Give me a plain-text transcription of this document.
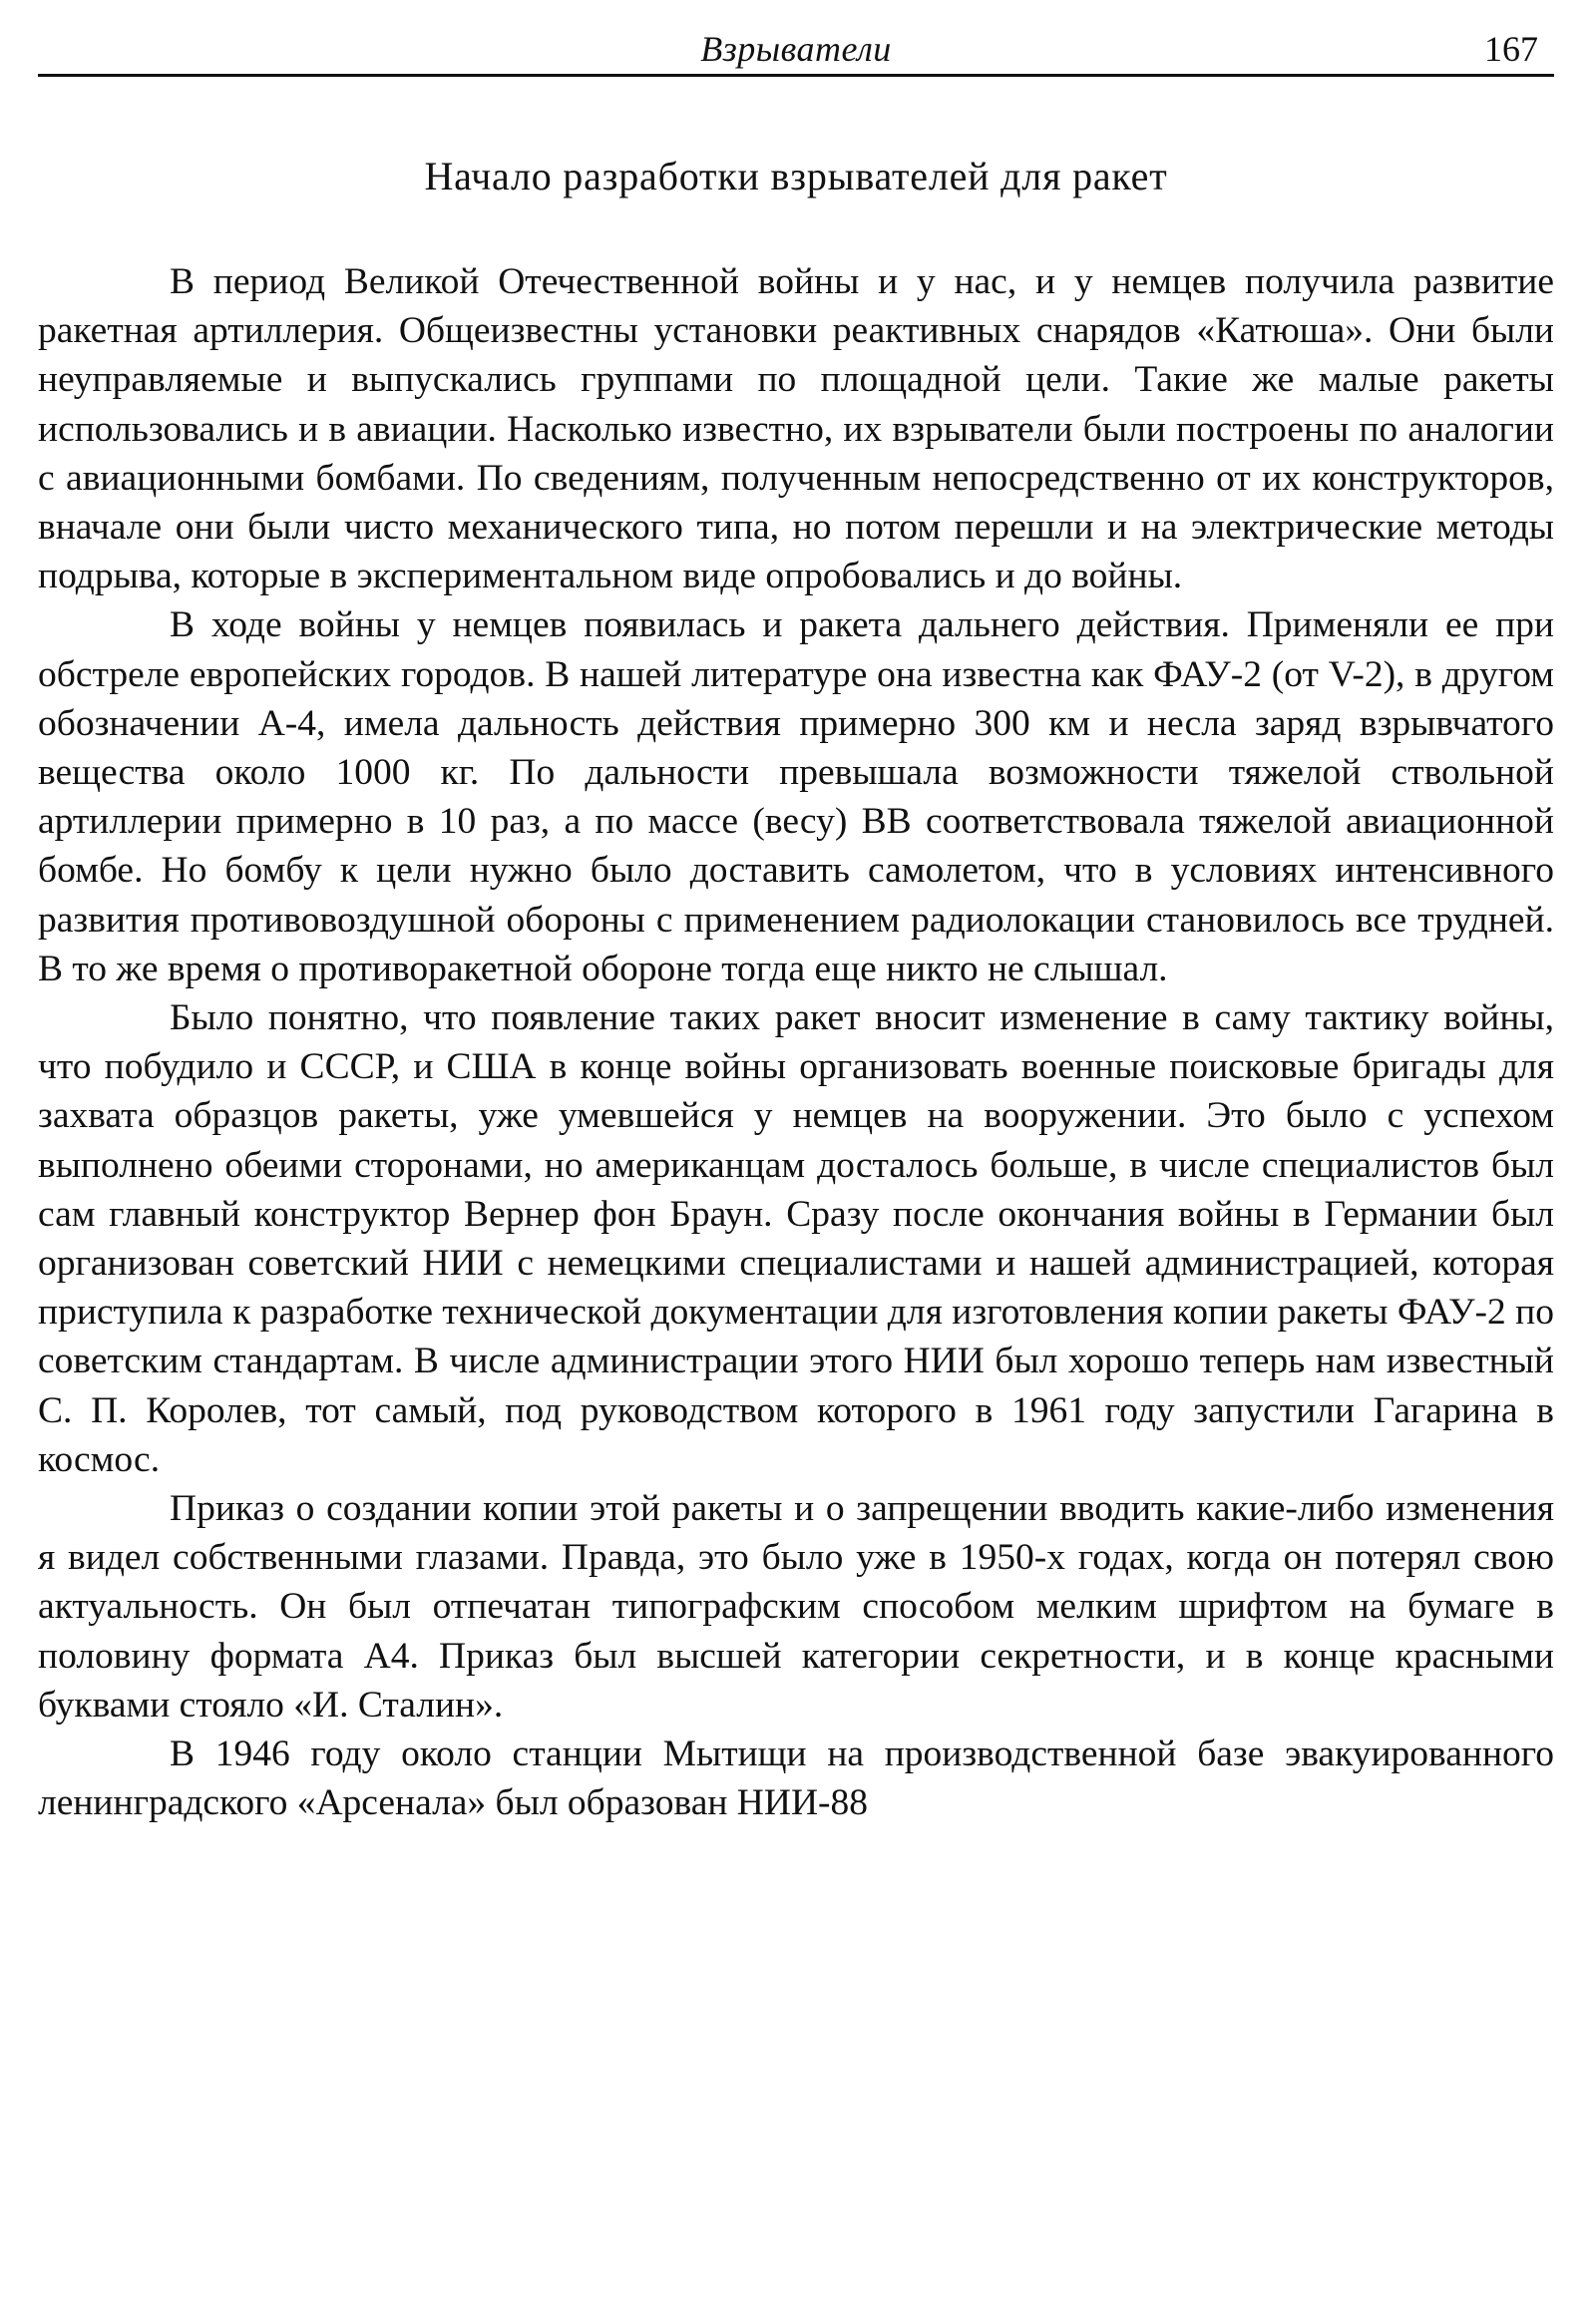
Взрыватели	167
Начало разработки взрывателей для ракет

В период Великой Отечественной войны и у нас, и у немцев получила развитие ракетная артиллерия. Общеизвестны установки реактивных снарядов «Катюша». Они были неуправляемые и выпускались группами по площадной цели. Такие же малые ракеты использовались и в авиации. Насколько известно, их взрыватели были построены по аналогии с авиационными бомбами. По сведениям, полученным непосредственно от их конструкторов, вначале они были чисто механического типа, но потом перешли и на электрические методы подрыва, которые в экспериментальном виде опробовались и до войны.

В ходе войны у немцев появилась и ракета дальнего действия. Применяли ее при обстреле европейских городов. В нашей литературе она известна как ФАУ-2 (от V-2), в другом обозначении А-4, имела дальность действия примерно 300 км и несла заряд взрывчатого вещества около 1000 кг. По дальности превышала возможности тяжелой ствольной артиллерии примерно в 10 раз, а по массе (весу) ВВ соответствовала тяжелой авиационной бомбе. Но бомбу к цели нужно было доставить самолетом, что в условиях интенсивного развития противовоздушной обороны с применением радиолокации становилось все трудней. В то же время о противоракетной обороне тогда еще никто не слышал.

Было понятно, что появление таких ракет вносит изменение в саму тактику войны, что побудило и СССР, и США в конце войны организовать военные поисковые бригады для захвата образцов ракеты, уже умевшейся у немцев на вооружении. Это было с успехом выполнено обеими сторонами, но американцам досталось больше, в числе специалистов был сам главный конструктор Вернер фон Браун. Сразу после окончания войны в Германии был организован советский НИИ с немецкими специалистами и нашей администрацией, которая приступила к разработке технической документации для изготовления копии ракеты ФАУ-2 по советским стандартам. В числе администрации этого НИИ был хорошо теперь нам известный С. П. Королев, тот самый, под руководством которого в 1961 году запустили Гагарина в космос.

Приказ о создании копии этой ракеты и о запрещении вводить какие-либо изменения я видел собственными глазами. Правда, это было уже в 1950-х годах, когда он потерял свою актуальность. Он был отпечатан типографским способом мелким шрифтом на бумаге в половину формата А4. Приказ был высшей категории секретности, и в конце красными буквами стояло «И. Сталин».

В 1946 году около станции Мытищи на производственной базе эвакуированного ленинградского «Арсенала» был образован НИИ-88
